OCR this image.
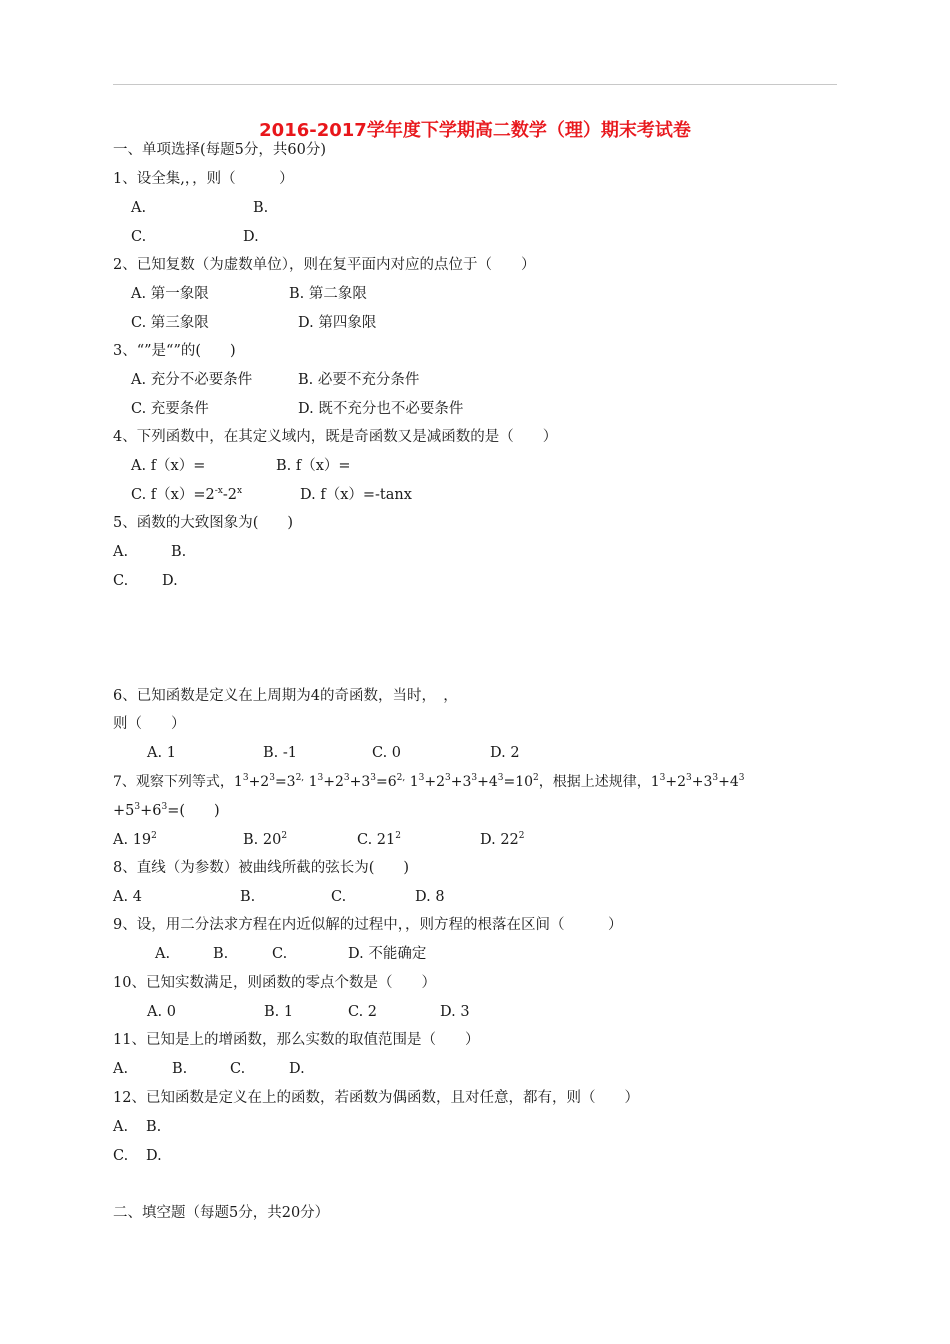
2016-2017学年度下学期高二数学（理）期末考试卷
一、单项选择(每题5分，共60分)
1、设全集,，，则（　　　）
A.	B.
C.	D.
2、已知复数（为虚数单位），则在复平面内对应的点位于（　　）
A. 第一象限	B. 第二象限
C. 第三象限	D. 第四象限
3、“”是“”的(　　)
A. 充分不必要条件	B. 必要不充分条件
C. 充要条件	D. 既不充分也不必要条件
4、下列函数中，在其定义域内，既是奇函数又是减函数的是（　　）
A. f（x）=	B. f（x）=
C. $f(x)=2^{-x}-2^x$	D. f（x）=-tanx
5、函数的大致图象为(　　)
A.	B.
C. D.
6、已知函数是定义在上周期为4的奇函数，当时，　，
则（　　）
A. 1	B. -1	C. 0	D. 2
7、观察下列等式，$1^3+2^3=3^{2,}$ $1^3+2^3+3^3=6^{2,}$ $1^3+2^3+3^3+4^3=10^2$，根据上述规律，$1^3+2^3+3^3+4^3$
$+5^3+6^3=$(　　)
A. $19^2$	B. $20^2$	C. $21^2$	D. $22^2$
8、直线（为参数）被曲线所截的弦长为(　　)
A. 4	B.	C.	D. 8
9、设，用二分法求方程在内近似解的过程中，，则方程的根落在区间（　　　）
A.	B.	C.	D. 不能确定
10、已知实数满足，则函数的零点个数是（　　）
A. 0	B. 1	C. 2	D. 3
11、已知是上的增函数，那么实数的取值范围是（　　）
A.	B.	C.	D.
12、已知函数是定义在上的函数，若函数为偶函数，且对任意，都有，则（　　）
A. B.
C. D.
二、填空题（每题5分，共20分）
